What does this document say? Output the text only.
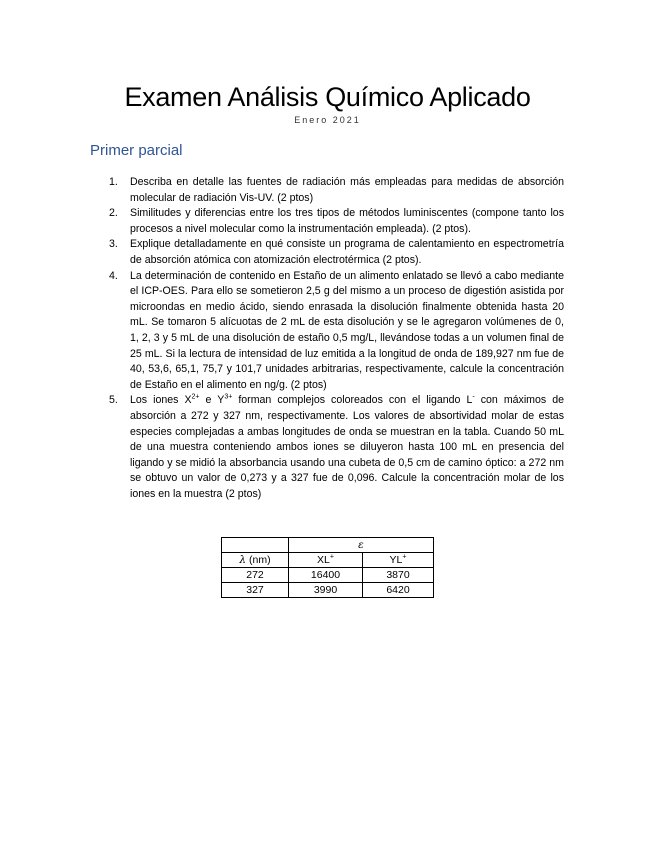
Examen Análisis Químico Aplicado
Enero 2021
Primer parcial
1. Describa en detalle las fuentes de radiación más empleadas para medidas de absorción molecular de radiación Vis-UV. (2 ptos)
2. Similitudes y diferencias entre los tres tipos de métodos luminiscentes (compone tanto los procesos a nivel molecular como la instrumentación empleada). (2 ptos).
3. Explique detalladamente en qué consiste un programa de calentamiento en espectrometría de absorción atómica con atomización electrotérmica (2 ptos).
4. La determinación de contenido en Estaño de un alimento enlatado se llevó a cabo mediante el ICP-OES. Para ello se sometieron 2,5 g del mismo a un proceso de digestión asistida por microondas en medio ácido, siendo enrasada la disolución finalmente obtenida hasta 20 mL. Se tomaron 5 alícuotas de 2 mL de esta disolución y se le agregaron volúmenes de 0, 1, 2, 3 y 5 mL de una disolución de estaño 0,5 mg/L, llevándose todas a un volumen final de 25 mL. Si la lectura de intensidad de luz emitida a la longitud de onda de 189,927 nm fue de 40, 53,6, 65,1, 75,7 y 101,7 unidades arbitrarias, respectivamente, calcule la concentración de Estaño en el alimento en ng/g. (2 ptos)
5. Los iones $X^{2+}$ e $Y^{3+}$ forman complejos coloreados con el ligando L- con máximos de absorción a 272 y 327 nm, respectivamente. Los valores de absortividad molar de estas especies complejadas a ambas longitudes de onda se muestran en la tabla. Cuando 50 mL de una muestra conteniendo ambos iones se diluyeron hasta 100 mL en presencia del ligando y se midió la absorbancia usando una cubeta de 0,5 cm de camino óptico: a 272 nm se obtuvo un valor de 0,273 y a 327 fue de 0,096. Calcule la concentración molar de los iones en la muestra (2 ptos)
	ε	
λ (nm)	XL+	YL+
272	16400	3870
327	3990	6420
